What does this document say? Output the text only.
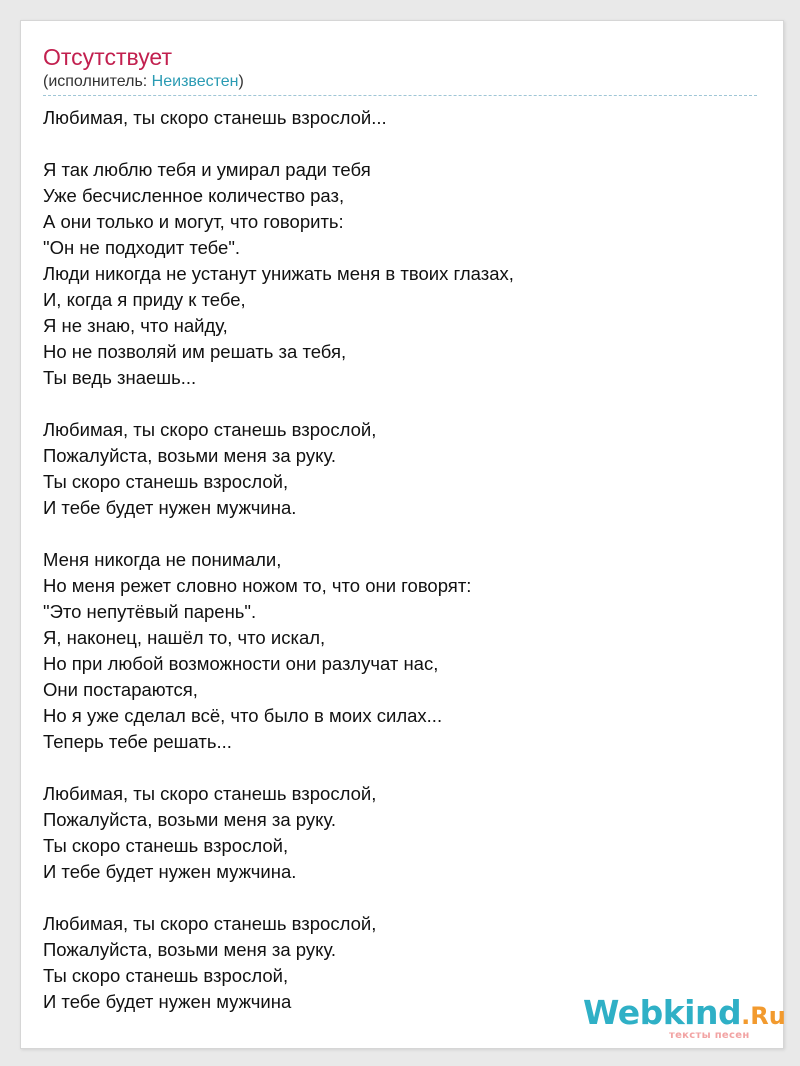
Отсутствует
(исполнитель: Неизвестен)
Любимая, ты скоро станешь взрослой...
Я так люблю тебя и умирал ради тебя
Уже бесчисленное количество раз,
А они только и могут, что говорить:
"Он не подходит тебе".
Люди никогда не устанут унижать меня в твоих глазах,
И, когда я приду к тебе,
Я не знаю, что найду,
Но не позволяй им решать за тебя,
Ты ведь знаешь...
Любимая, ты скоро станешь взрослой,
Пожалуйста, возьми меня за руку.
Ты скоро станешь взрослой,
И тебе будет нужен мужчина.
Меня никогда не понимали,
Но меня режет словно ножом то, что они говорят:
"Это непутёвый парень".
Я, наконец, нашёл то, что искал,
Но при любой возможности они разлучат нас,
Они постараются,
Но я уже сделал всё, что было в моих силах...
Теперь тебе решать...
Любимая, ты скоро станешь взрослой,
Пожалуйста, возьми меня за руку.
Ты скоро станешь взрослой,
И тебе будет нужен мужчина.
Любимая, ты скоро станешь взрослой,
Пожалуйста, возьми меня за руку.
Ты скоро станешь взрослой,
И тебе будет нужен мужчина	Webkind.Ru
тексты песен
